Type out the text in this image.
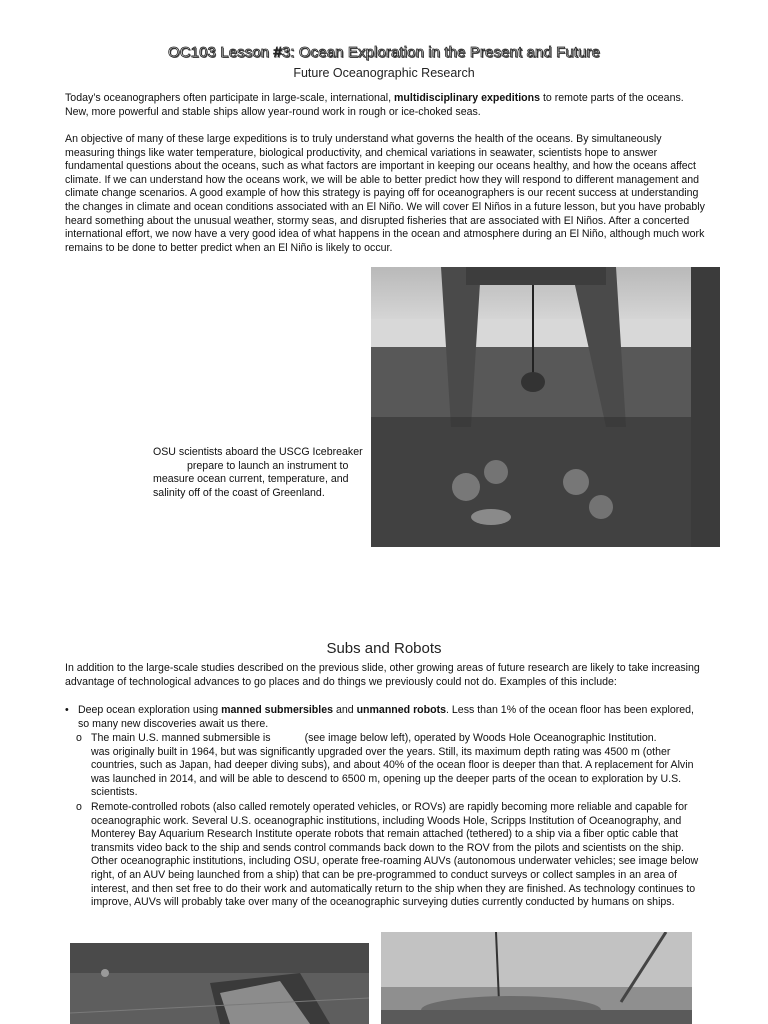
OC103 Lesson #3: Ocean Exploration in the Present and Future
Future Oceanographic Research
Today’s oceanographers often participate in large-scale, international, multidisciplinary expeditions to remote parts of the oceans. New, more powerful and stable ships allow year-round work in rough or ice-choked seas.
An objective of many of these large expeditions is to truly understand what governs the health of the oceans. By simultaneously measuring things like water temperature, biological productivity, and chemical variations in seawater, scientists hope to answer fundamental questions about the oceans, such as what factors are important in keeping our oceans healthy, and how the oceans affect climate. If we can understand how the oceans work, we will be able to better predict how they will respond to different management and climate change scenarios. A good example of how this strategy is paying off for oceanographers is our recent success at understanding the changes in climate and ocean conditions associated with an El Niño. We will cover El Niños in a future lesson, but you have probably heard something about the unusual weather, stormy seas, and disrupted fisheries that are associated with El Niños. After a concerted international effort, we now have a very good idea of what happens in the ocean and atmosphere during an El Niño, although much work remains to be done to better predict when an El Niño is likely to occur.
OSU scientists aboard the USCG Icebreakerprepare to launch an instrument to measure ocean current, temperature, and salinity off of the coast of Greenland.
Subs and Robots
In addition to the large-scale studies described on the previous slide, other growing areas of future research are likely to take increasing advantage of technological advances to go places and do things we previously could not do. Examples of this include:
• Deep ocean exploration using manned submersibles and unmanned robots. Less than 1% of the ocean floor has been explored, so many new discoveries await us there.
o The main U.S. manned submersible is	(see image below left), operated by Woods Hole Oceanographic Institution.was originally built in 1964, but was significantly upgraded over the years. Still, its maximum depth rating was 4500 m (other countries, such as Japan, had deeper diving subs), and about 40% of the ocean floor is deeper than that. A replacement for Alvin was launched in 2014, and will be able to descend to 6500 m, opening up the deeper parts of the ocean to exploration by U.S. scientists.
o Remote-controlled robots (also called remotely operated vehicles, or ROVs) are rapidly becoming more reliable and capable for oceanographic work. Several U.S. oceanographic institutions, including Woods Hole, Scripps Institution of Oceanography, and Monterey Bay Aquarium Research Institute operate robots that remain attached (tethered) to a ship via a fiber optic cable that transmits video back to the ship and sends control commands back down to the ROV from the pilots and scientists on the ship. Other oceanographic institutions, including OSU, operate free-roaming AUVs (autonomous underwater vehicles; see image below right, of an AUV being launched from a ship) that can be pre-programmed to conduct surveys or collect samples in an area of interest, and then set free to do their work and automatically return to the ship when they are finished. As technology continues to improve, AUVs will probably take over many of the oceanographic surveying duties currently conducted by humans on ships.
